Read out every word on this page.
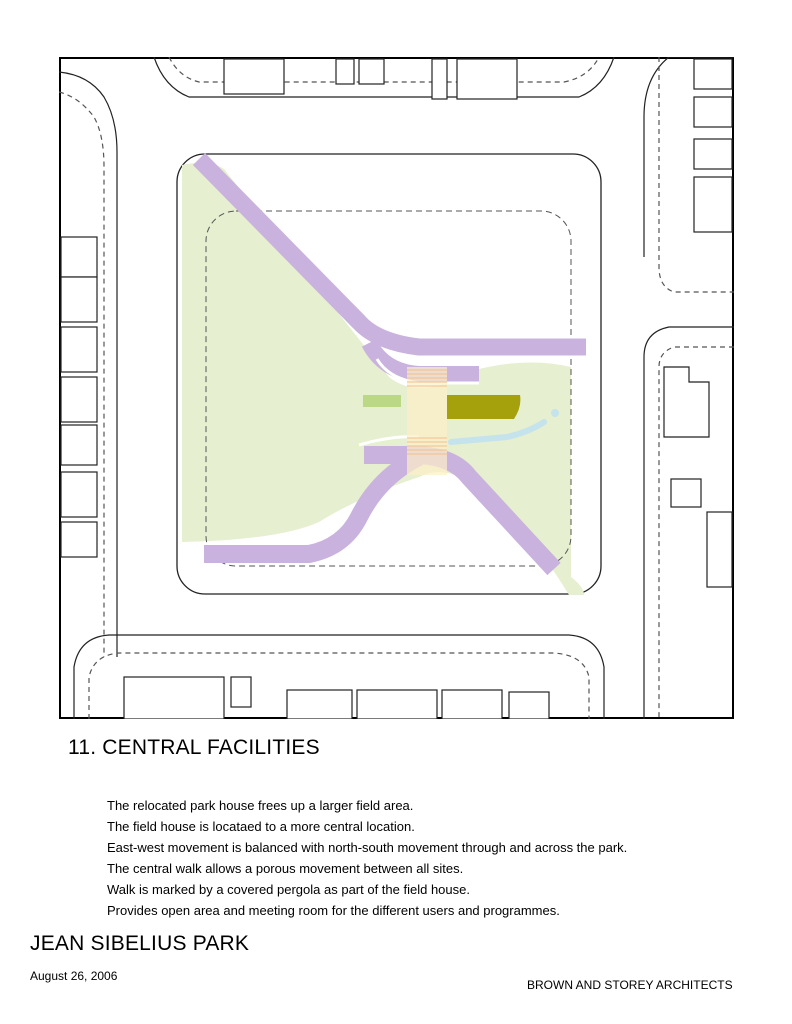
11. CENTRAL FACILITIES
The relocated park house frees up a larger field area.
The field house is locataed to a more central location.
East-west movement is balanced with north-south movement through and across the park.
The central walk allows a porous movement between all sites.
Walk is marked by a covered pergola as part of the field house.
Provides open area and meeting room for the different users and programmes.
JEAN SIBELIUS PARK
August 26, 2006
BROWN AND STOREY ARCHITECTS
